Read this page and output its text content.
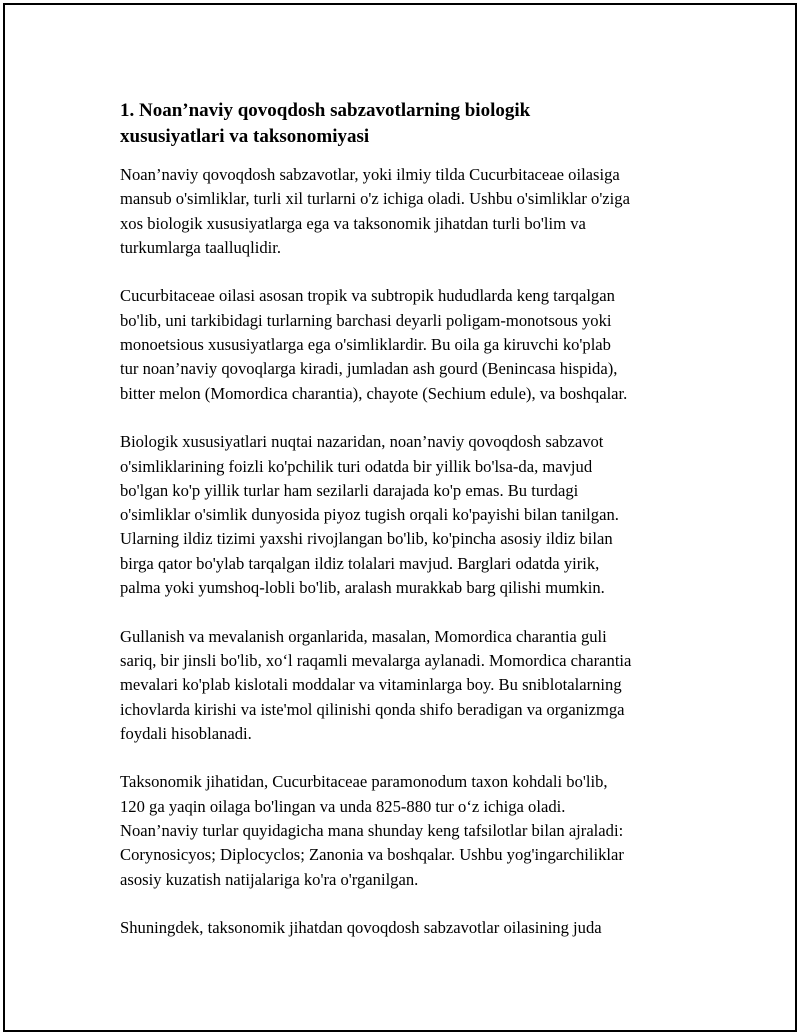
1. Noan’naviy qovoqdosh sabzavotlarning biologik
xususiyatlari va taksonomiyasi

Noan’naviy qovoqdosh sabzavotlar, yoki ilmiy tilda Cucurbitaceae oilasiga
mansub o'simliklar, turli xil turlarni o'z ichiga oladi. Ushbu o'simliklar o'ziga
xos biologik xususiyatlarga ega va taksonomik jihatdan turli bo'lim va
turkumlarga taalluqlidir.

Cucurbitaceae oilasi asosan tropik va subtropik hududlarda keng tarqalgan
bo'lib, uni tarkibidagi turlarning barchasi deyarli poligam-monotsous yoki
monoetsious xususiyatlarga ega o'simliklardir. Bu oila ga kiruvchi ko'plab
tur noan’naviy qovoqlarga kiradi, jumladan ash gourd (Benincasa hispida),
bitter melon (Momordica charantia), chayote (Sechium edule), va boshqalar.

Biologik xususiyatlari nuqtai nazaridan, noan’naviy qovoqdosh sabzavot
o'simliklarining foizli ko'pchilik turi odatda bir yillik bo'lsa-da, mavjud
bo'lgan ko'p yillik turlar ham sezilarli darajada ko'p emas. Bu turdagi
o'simliklar o'simlik dunyosida piyoz tugish orqali ko'payishi bilan tanilgan.
Ularning ildiz tizimi yaxshi rivojlangan bo'lib, ko'pincha asosiy ildiz bilan
birga qator bo'ylab tarqalgan ildiz tolalari mavjud. Barglari odatda yirik,
palma yoki yumshoq-lobli bo'lib, aralash murakkab barg qilishi mumkin.

Gullanish va mevalanish organlarida, masalan, Momordica charantia guli
sariq, bir jinsli bo'lib, xo‘l raqamli mevalarga aylanadi. Momordica charantia
mevalari ko'plab kislotali moddalar va vitaminlarga boy. Bu sniblotalarning
ichovlarda kirishi va iste'mol qilinishi qonda shifo beradigan va organizmga
foydali hisoblanadi.

Taksonomik jihatidan, Cucurbitaceae paramonodum taxon kohdali bo'lib,
120 ga yaqin oilaga bo'lingan va unda 825-880 tur o‘z ichiga oladi.
Noan’naviy turlar quyidagicha mana shunday keng tafsilotlar bilan ajraladi:
Corynosicyos; Diplocyclos; Zanonia va boshqalar. Ushbu yog'ingarchiliklar
asosiy kuzatish natijalariga ko'ra o'rganilgan.

Shuningdek, taksonomik jihatdan qovoqdosh sabzavotlar oilasining juda
